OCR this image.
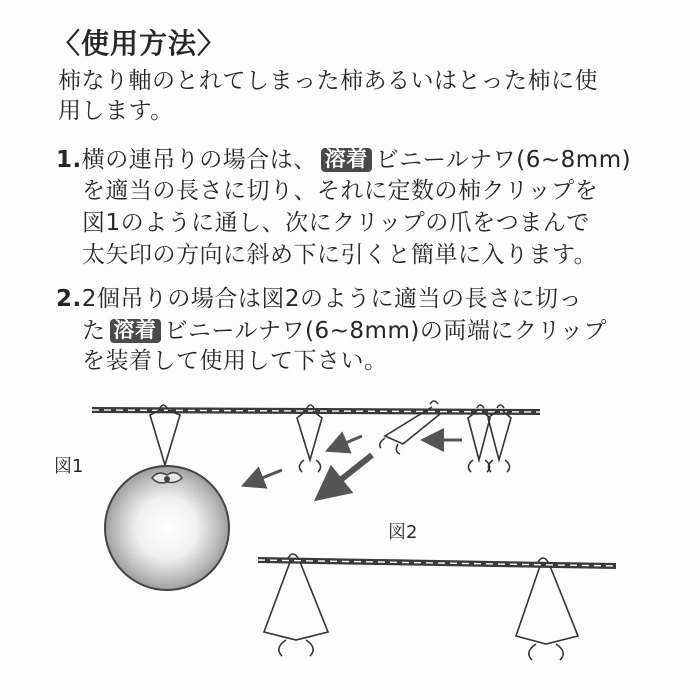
〈使用方法〉
柿なり軸のとれてしまった柿あるいはとった柿に使
用します。
1.横の連吊りの場合は、 溶着 ビニールナワ(6~8mm)
を適当の長さに切り、それに定数の柿クリップを
図1のように通し、次にクリップの爪をつまんで
太矢印の方向に斜め下に引くと簡単に入ります。
2.2個吊りの場合は図2のように適当の長さに切っ
た 溶着 ビニールナワ(6~8mm)の両端にクリップ
を装着して使用して下さい。
図1
図2
